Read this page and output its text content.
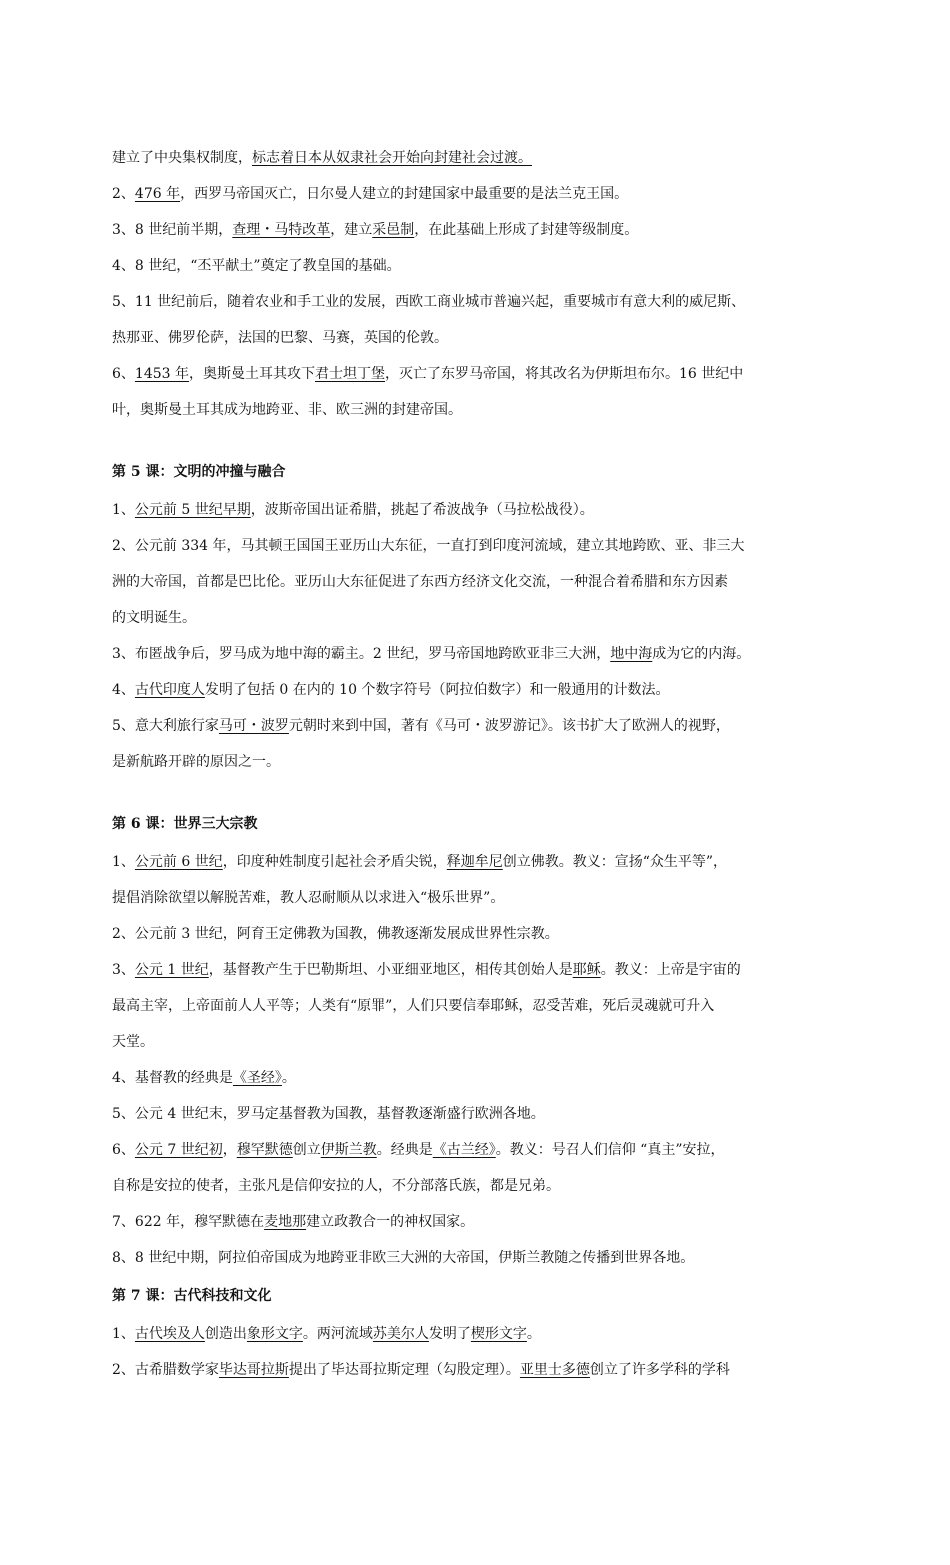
建立了中央集权制度，标志着日本从奴隶社会开始向封建社会过渡。
2、476 年，西罗马帝国灭亡，日尔曼人建立的封建国家中最重要的是法兰克王国。
3、8 世纪前半期，查理・马特改革，建立采邑制，在此基础上形成了封建等级制度。
4、8 世纪，“丕平献土”奠定了教皇国的基础。
5、11 世纪前后，随着农业和手工业的发展，西欧工商业城市普遍兴起，重要城市有意大利的威尼斯、
热那亚、佛罗伦萨，法国的巴黎、马赛，英国的伦敦。
6、1453 年，奥斯曼土耳其攻下君士坦丁堡，灭亡了东罗马帝国，将其改名为伊斯坦布尔。16 世纪中
叶，奥斯曼土耳其成为地跨亚、非、欧三洲的封建帝国。
第 5 课：文明的冲撞与融合
1、公元前 5 世纪早期，波斯帝国出证希腊，挑起了希波战争（马拉松战役）。
2、公元前 334 年，马其顿王国国王亚历山大东征，一直打到印度河流域，建立其地跨欧、亚、非三大
洲的大帝国，首都是巴比伦。亚历山大东征促进了东西方经济文化交流，一种混合着希腊和东方因素
的文明诞生。
3、布匿战争后，罗马成为地中海的霸主。2 世纪，罗马帝国地跨欧亚非三大洲，地中海成为它的内海。
4、古代印度人发明了包括 0 在内的 10 个数字符号（阿拉伯数字）和一般通用的计数法。
5、意大利旅行家马可・波罗元朝时来到中国，著有《马可・波罗游记》。该书扩大了欧洲人的视野，
是新航路开辟的原因之一。
第 6 课：世界三大宗教
1、公元前 6 世纪，印度种姓制度引起社会矛盾尖锐，释迦牟尼创立佛教。教义：宣扬“众生平等”，
提倡消除欲望以解脱苦难，教人忍耐顺从以求进入“极乐世界”。
2、公元前 3 世纪，阿育王定佛教为国教，佛教逐渐发展成世界性宗教。
3、公元 1 世纪，基督教产生于巴勒斯坦、小亚细亚地区，相传其创始人是耶稣。教义：上帝是宇宙的
最高主宰，上帝面前人人平等；人类有“原罪”，人们只要信奉耶稣，忍受苦难，死后灵魂就可升入
天堂。
4、基督教的经典是《圣经》。
5、公元 4 世纪末，罗马定基督教为国教，基督教逐渐盛行欧洲各地。
6、公元 7 世纪初，穆罕默德创立伊斯兰教。经典是《古兰经》。教义：号召人们信仰 “真主”安拉，
自称是安拉的使者，主张凡是信仰安拉的人，不分部落氏族，都是兄弟。
7、622 年，穆罕默德在麦地那建立政教合一的神权国家。
8、8 世纪中期，阿拉伯帝国成为地跨亚非欧三大洲的大帝国，伊斯兰教随之传播到世界各地。
第 7 课：古代科技和文化
1、古代埃及人创造出象形文字。两河流域苏美尔人发明了楔形文字。
2、古希腊数学家毕达哥拉斯提出了毕达哥拉斯定理（勾股定理）。亚里士多德创立了许多学科的学科
